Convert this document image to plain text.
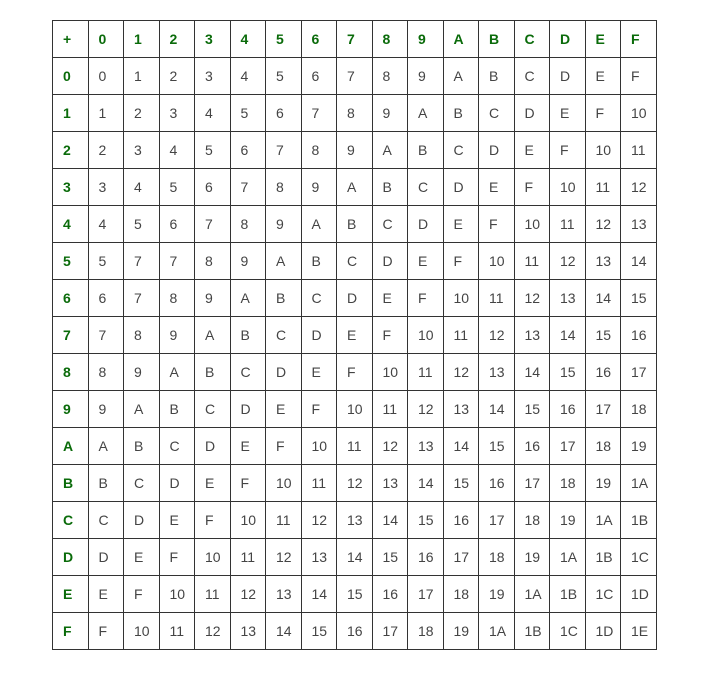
+	0	1	2	3	4	5	6	7	8	9	A	B	C	D	E	F
0	0	1	2	3	4	5	6	7	8	9	A	B	C	D	E	F
1	1	2	3	4	5	6	7	8	9	A	B	C	D	E	F	10
2	2	3	4	5	6	7	8	9	A	B	C	D	E	F	10	11
3	3	4	5	6	7	8	9	A	B	C	D	E	F	10	11	12
4	4	5	6	7	8	9	A	B	C	D	E	F	10	11	12	13
5	5	7	7	8	9	A	B	C	D	E	F	10	11	12	13	14
6	6	7	8	9	A	B	C	D	E	F	10	11	12	13	14	15
7	7	8	9	A	B	C	D	E	F	10	11	12	13	14	15	16
8	8	9	A	B	C	D	E	F	10	11	12	13	14	15	16	17
9	9	A	B	C	D	E	F	10	11	12	13	14	15	16	17	18
A	A	B	C	D	E	F	10	11	12	13	14	15	16	17	18	19
B	B	C	D	E	F	10	11	12	13	14	15	16	17	18	19	1A
C	C	D	E	F	10	11	12	13	14	15	16	17	18	19	1A	1B
D	D	E	F	10	11	12	13	14	15	16	17	18	19	1A	1B	1C
E	E	F	10	11	12	13	14	15	16	17	18	19	1A	1B	1C	1D
F	F	10	11	12	13	14	15	16	17	18	19	1A	1B	1C	1D	1E
